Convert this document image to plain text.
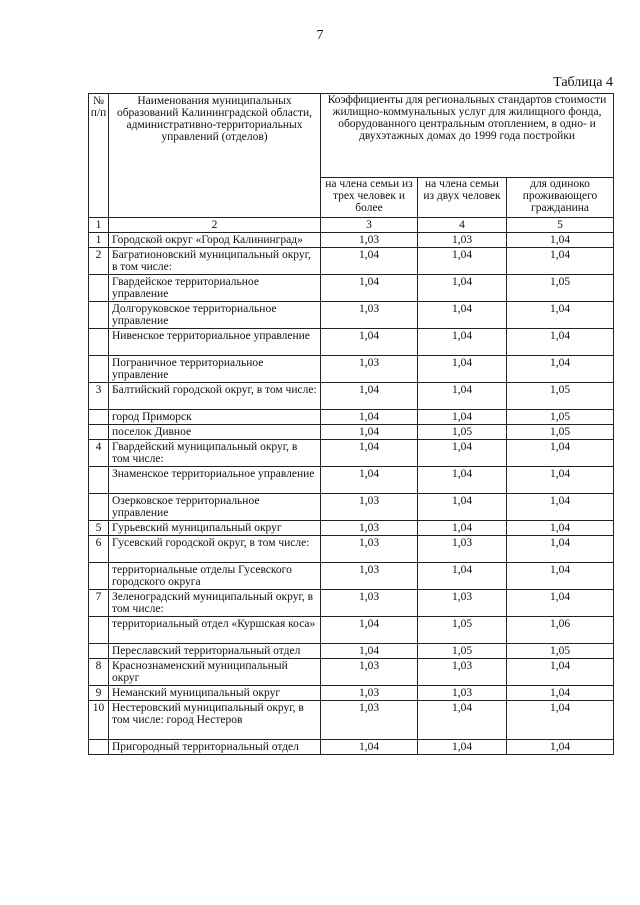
7
Таблица 4
№ п/п	Наименования муниципальных образований Калининградской области, административно-территориальных управлений (отделов)	Коэффициенты для региональных стандартов стоимости жилищно-коммунальных услуг для жилищного фонда, оборудованного центральным отоплением, в одно- и двухэтажных домах до 1999 года постройки		
		на члена семьи из трех человек и более	на члена семьи из двух человек	для одиноко проживающего гражданина
1	2	3	4	5
1	Городской округ «Город Калининград»	1,03	1,03	1,04
2	Багратионовский муниципальный округ, в том числе:	1,04	1,04	1,04
	Гвардейское территориальное управление	1,04	1,04	1,05
	Долгоруковское территориальное управление	1,03	1,04	1,04
	Нивенское территориальное управление	1,04	1,04	1,04
	Пограничное территориальное управление	1,03	1,04	1,04
3	Балтийский городской округ, в том числе:	1,04	1,04	1,05
	город Приморск	1,04	1,04	1,05
	поселок Дивное	1,04	1,05	1,05
4	Гвардейский муниципальный округ, в том числе:	1,04	1,04	1,04
	Знаменское территориальное управление	1,04	1,04	1,04
	Озерковское территориальное управление	1,03	1,04	1,04
5	Гурьевский муниципальный округ	1,03	1,04	1,04
6	Гусевский городской округ, в том числе:	1,03	1,03	1,04
	территориальные отделы Гусевского городского округа	1,03	1,04	1,04
7	Зеленоградский муниципальный округ, в том числе:	1,03	1,03	1,04
	территориальный отдел «Куршская коса»	1,04	1,05	1,06
	Переславский территориальный отдел	1,04	1,05	1,05
8	Краснознаменский муниципальный округ	1,03	1,03	1,04
9	Неманский муниципальный округ	1,03	1,03	1,04
10	Нестеровский муниципальный округ, в том числе: город Нестеров	1,03	1,04	1,04
	Пригородный территориальный отдел	1,04	1,04	1,04
